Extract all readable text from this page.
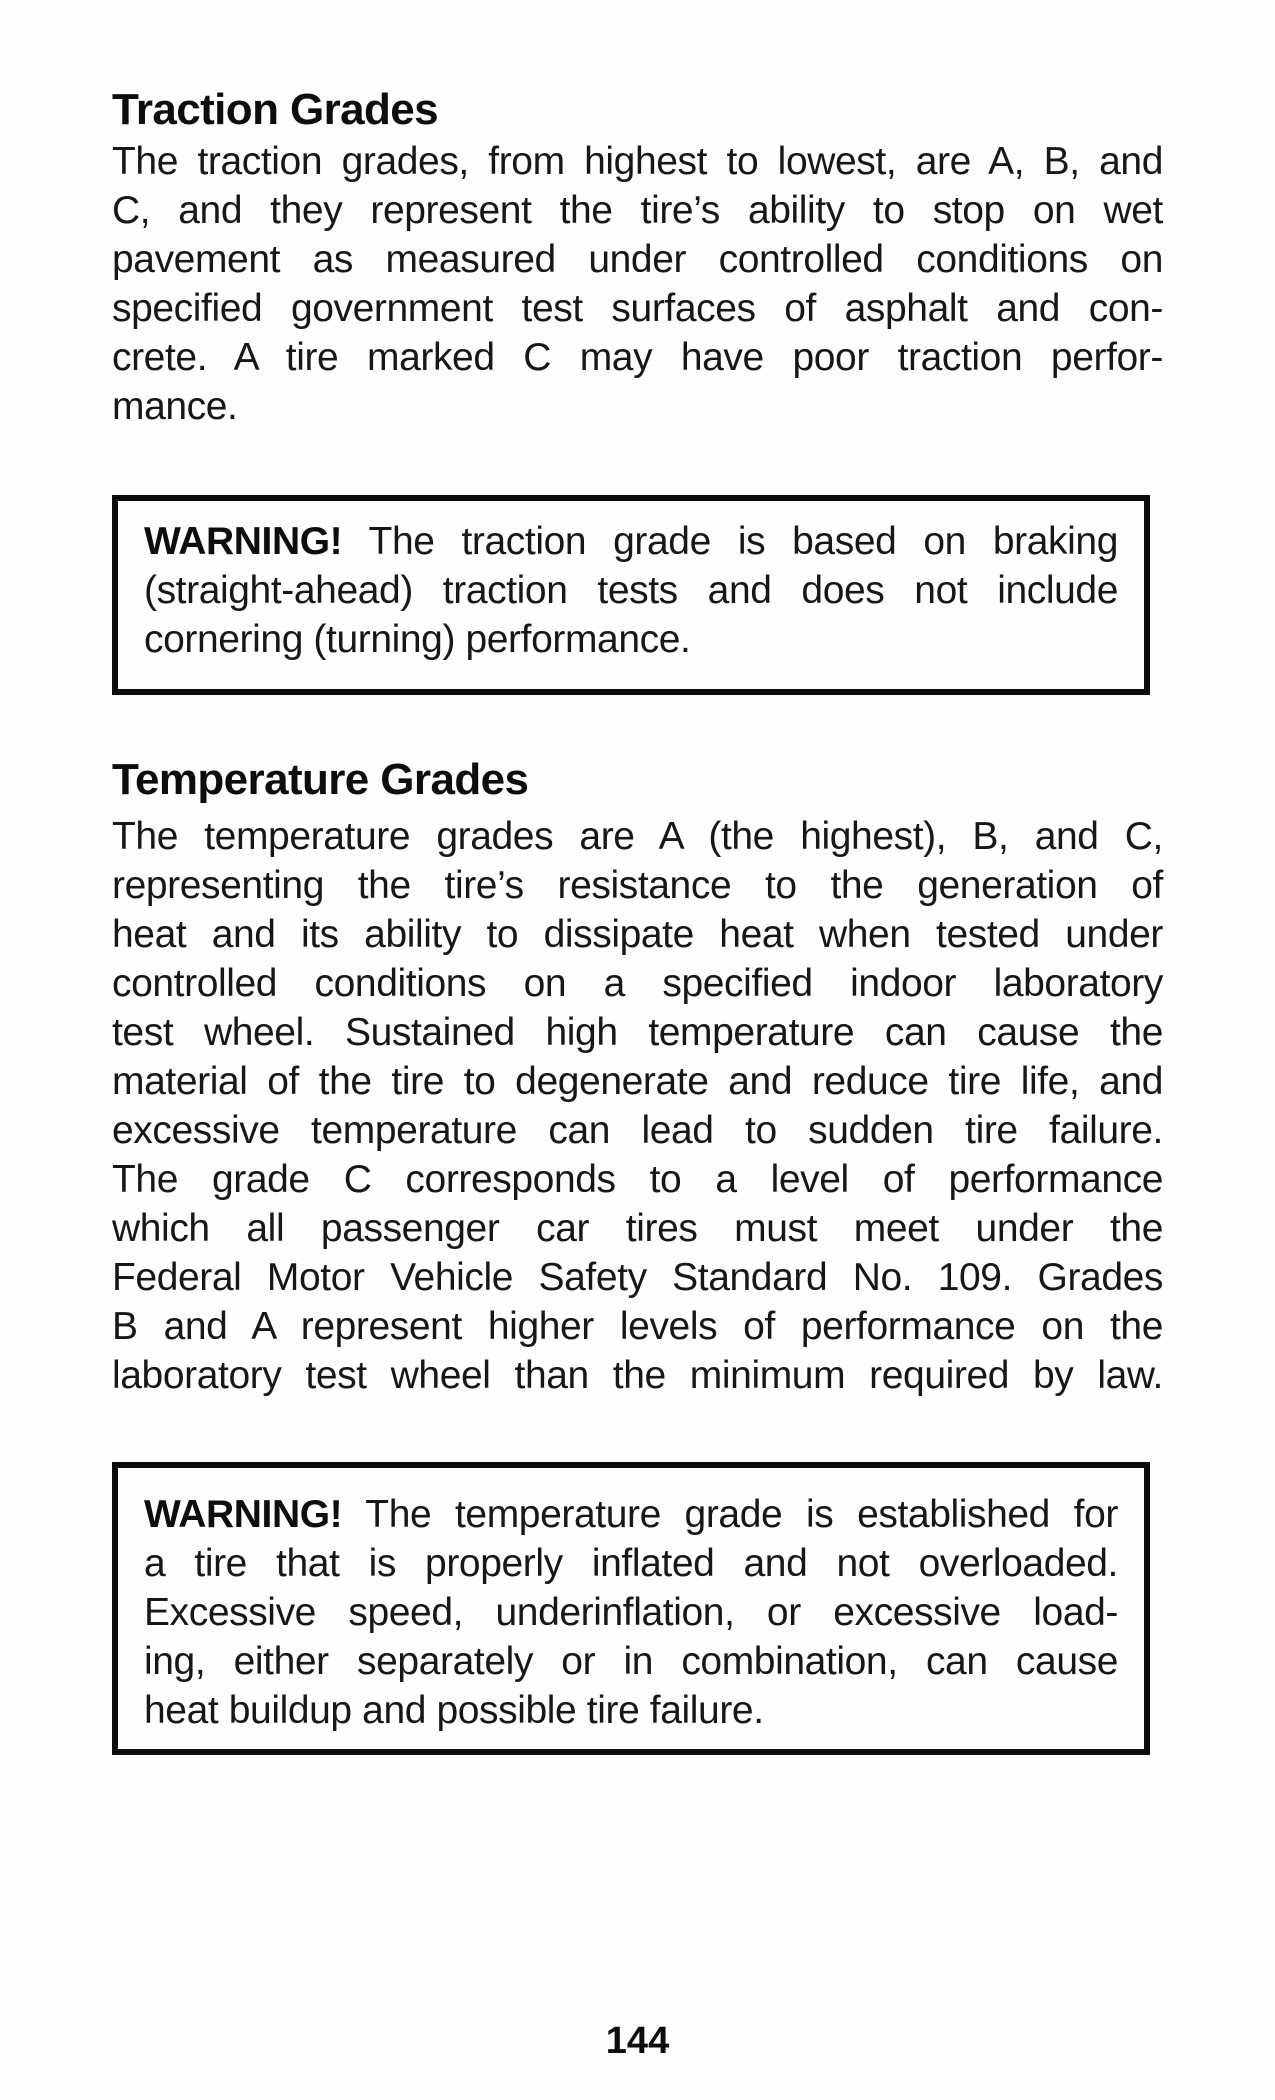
Traction Grades
The traction grades, from highest to lowest, are A, B, and
C, and they represent the tire’s ability to stop on wet
pavement as measured under controlled conditions on
specified government test surfaces of asphalt and con-
crete. A tire marked C may have poor traction perfor-
mance.
WARNING! The traction grade is based on braking
(straight-ahead) traction tests and does not include
cornering (turning) performance.
Temperature Grades
The temperature grades are A (the highest), B, and C,
representing the tire’s resistance to the generation of
heat and its ability to dissipate heat when tested under
controlled conditions on a specified indoor laboratory
test wheel. Sustained high temperature can cause the
material of the tire to degenerate and reduce tire life, and
excessive temperature can lead to sudden tire failure.
The grade C corresponds to a level of performance
which all passenger car tires must meet under the
Federal Motor Vehicle Safety Standard No. 109. Grades
B and A represent higher levels of performance on the
laboratory test wheel than the minimum required by law.
WARNING! The temperature grade is established for
a tire that is properly inflated and not overloaded.
Excessive speed, underinflation, or excessive load-
ing, either separately or in combination, can cause
heat buildup and possible tire failure.
144
